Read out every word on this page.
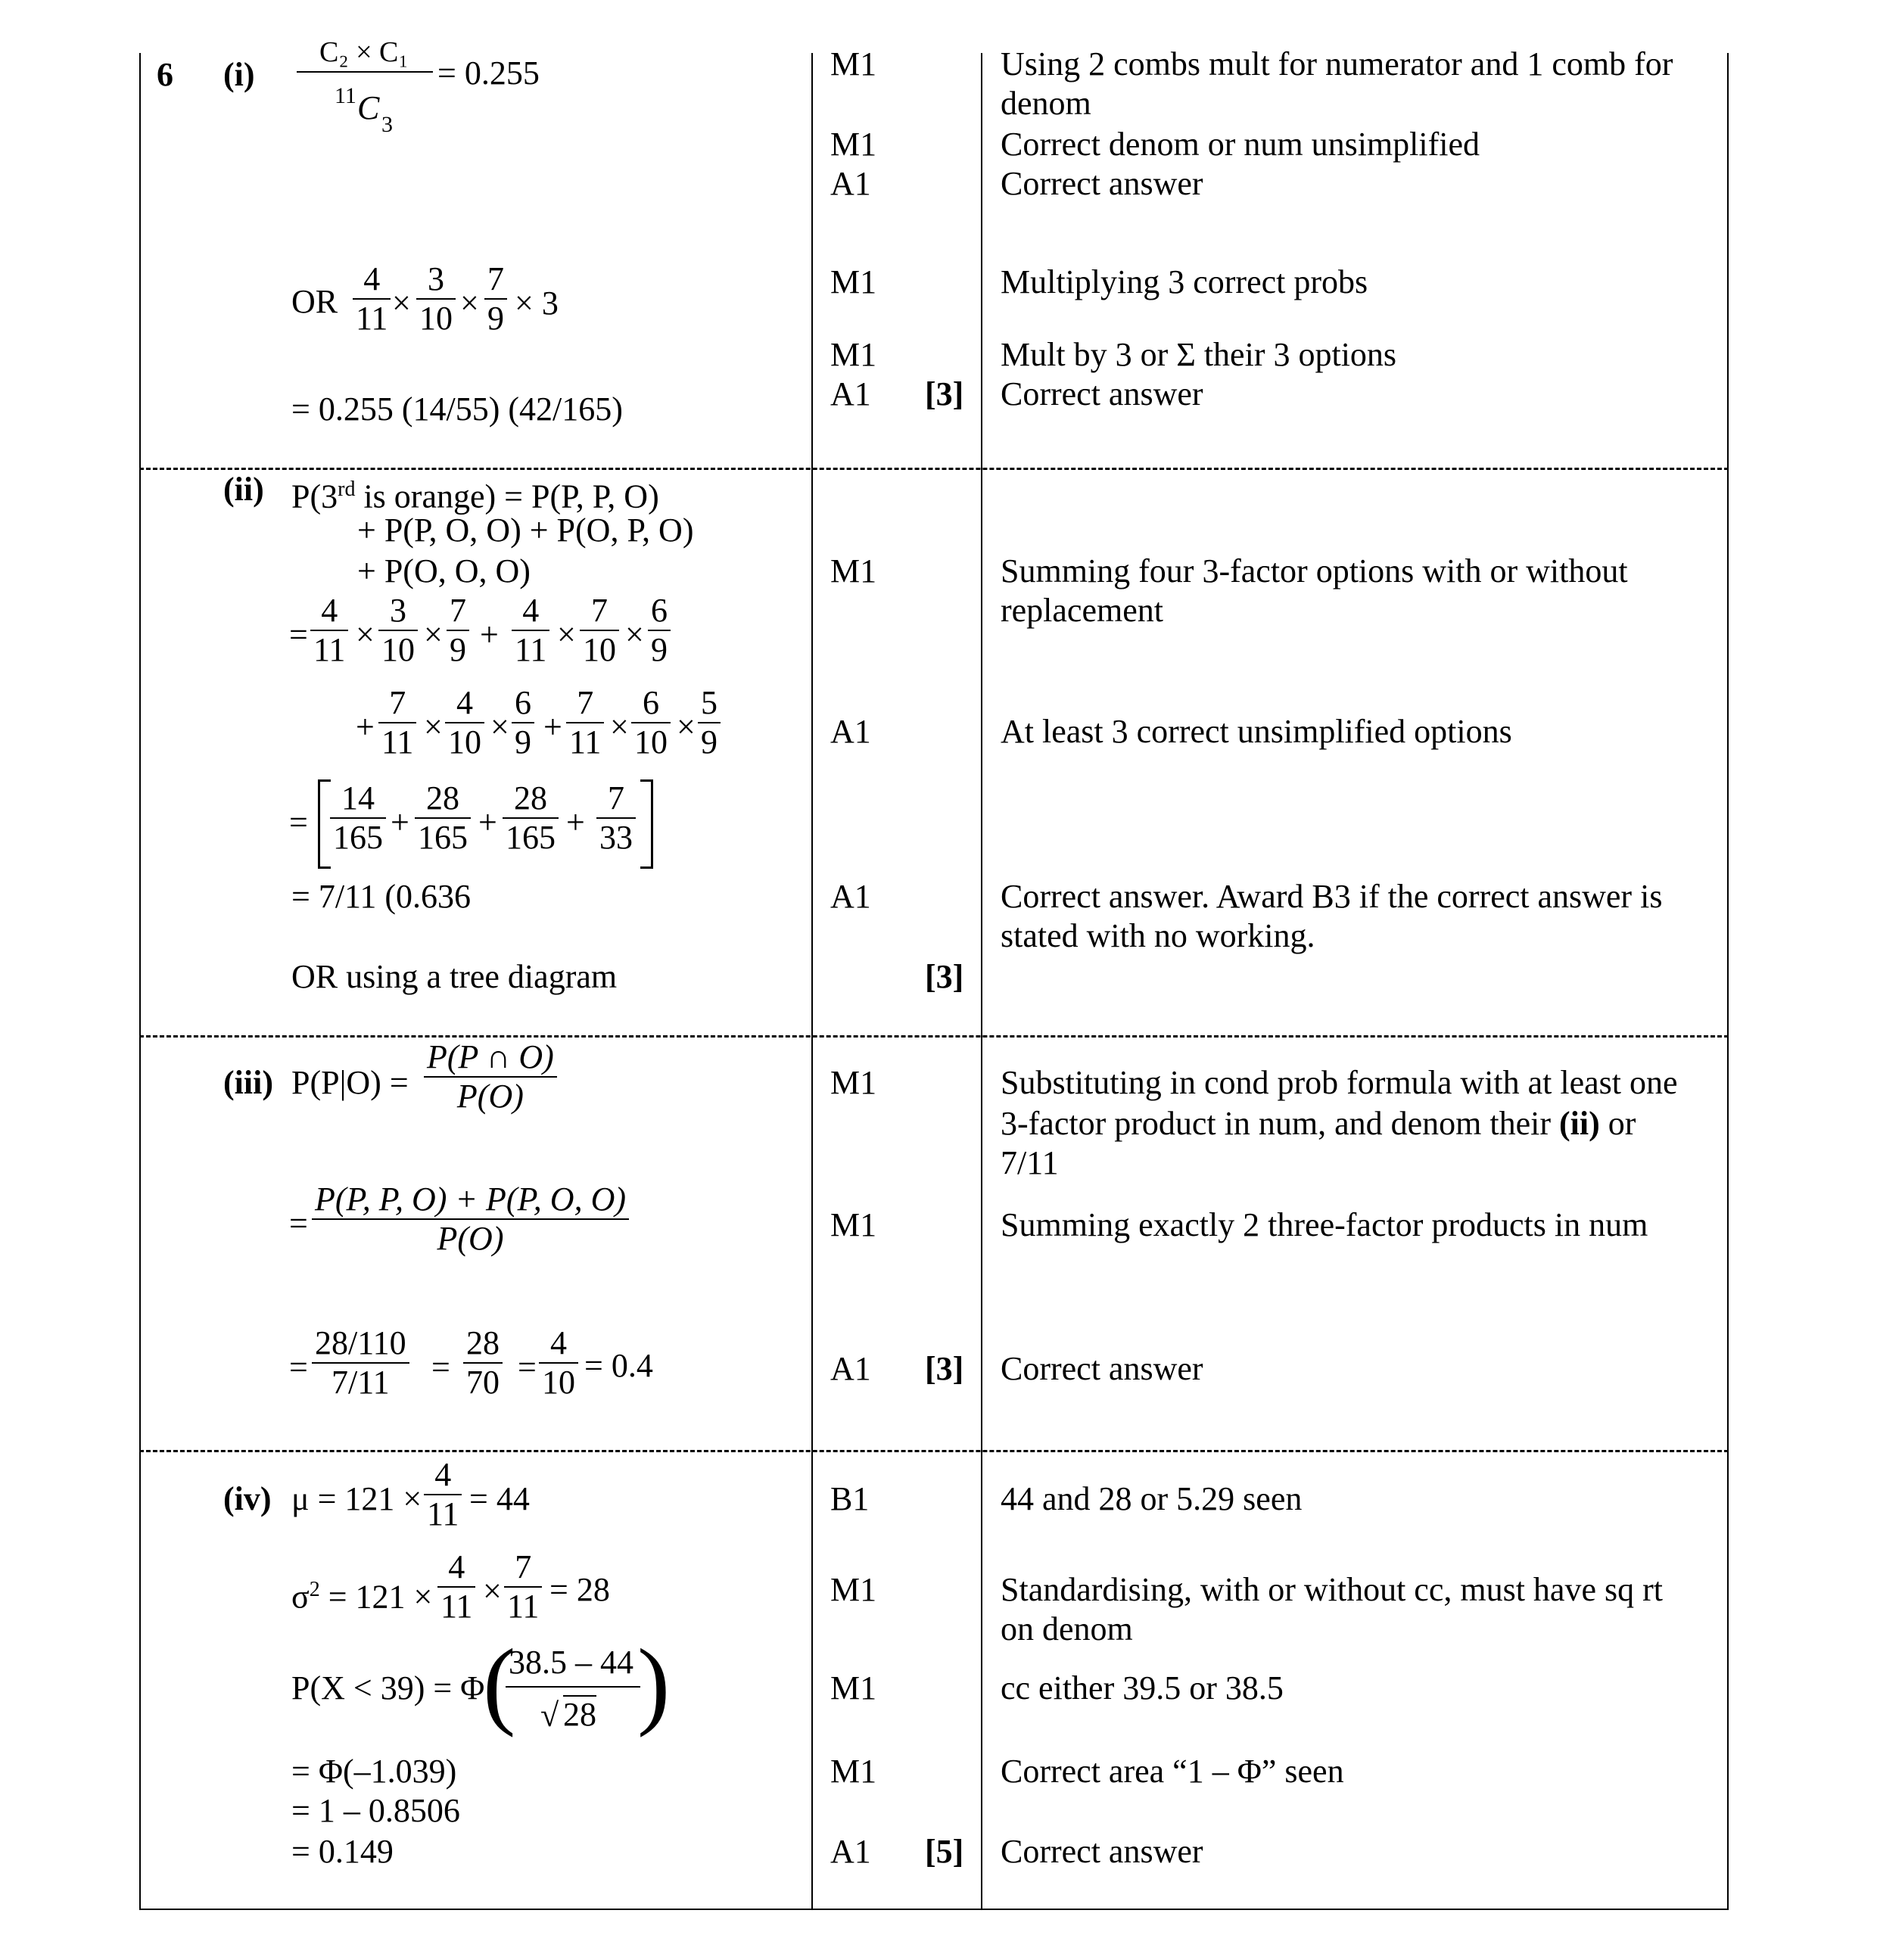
6 (i)
C₂ × C₁
11 C 3
= 0.255
OR $\frac{4}{11} \times \frac{3}{10} \times \frac{7}{9} \times 3$
= 0.255 (14/55) (42/165)
M1
M1
A1
M1
M1
A1 [3]
Using 2 combs mult for numerator and 1 comb for
denom
Correct denom or num unsimplified
Correct answer
Multiplying 3 correct probs
Mult by 3 or Σ their 3 options
Correct answer
(ii) P(3rd is orange) = P(P, P, O)
+ P(P, O, O) + P(O, P, O)
+ P(O, O, O)
= $\frac{4}{11} \times \frac{3}{10} \times \frac{7}{9} + \frac{4}{11} \times \frac{7}{10} \times \frac{6}{9}$
+ $\frac{7}{11} \times \frac{4}{10} \times \frac{6}{9} + \frac{7}{11} \times \frac{6}{10} \times \frac{5}{9}$
= $\frac{14}{165} + \frac{28}{165} + \frac{28}{165} + \frac{7}{33}$
= 7/11 (0.636
OR using a tree diagram
M1
A1
A1
[3]
Summing four 3-factor options with or without
replacement
At least 3 correct unsimplified options
Correct answer. Award B3 if the correct answer is
stated with no working.
(iii) $P(P|O) = \frac{P(P \cap O)}{P(O)}$
= $\frac{P(P, P, O) + P(P, O, O)}{P(O)}$
= $\frac{28/110}{7/11} = \frac{28}{70} = \frac{4}{10} = 0.4$
M1
M1
A1 [3]
Substituting in cond prob formula with at least one
3-factor product in num, and denom their (ii) or
7/11
Summing exactly 2 three-factor products in num
Correct answer
(iv) $\mu = 121 \times \frac{4}{11} = 44$
$\sigma^2 = 121 \times \frac{4}{11} \times \frac{7}{11} = 28$
P(X < 39) = Φ
(
38.5 – 44
√ 28 )
= Φ(–1.039)
= 1 – 0.8506
= 0.149
B1
M1
M1
M1
A1 [5]
44 and 28 or 5.29 seen
Standardising, with or without cc, must have sq rt
on denom
cc either 39.5 or 38.5
Correct area “1 – Φ” seen
Correct answer
